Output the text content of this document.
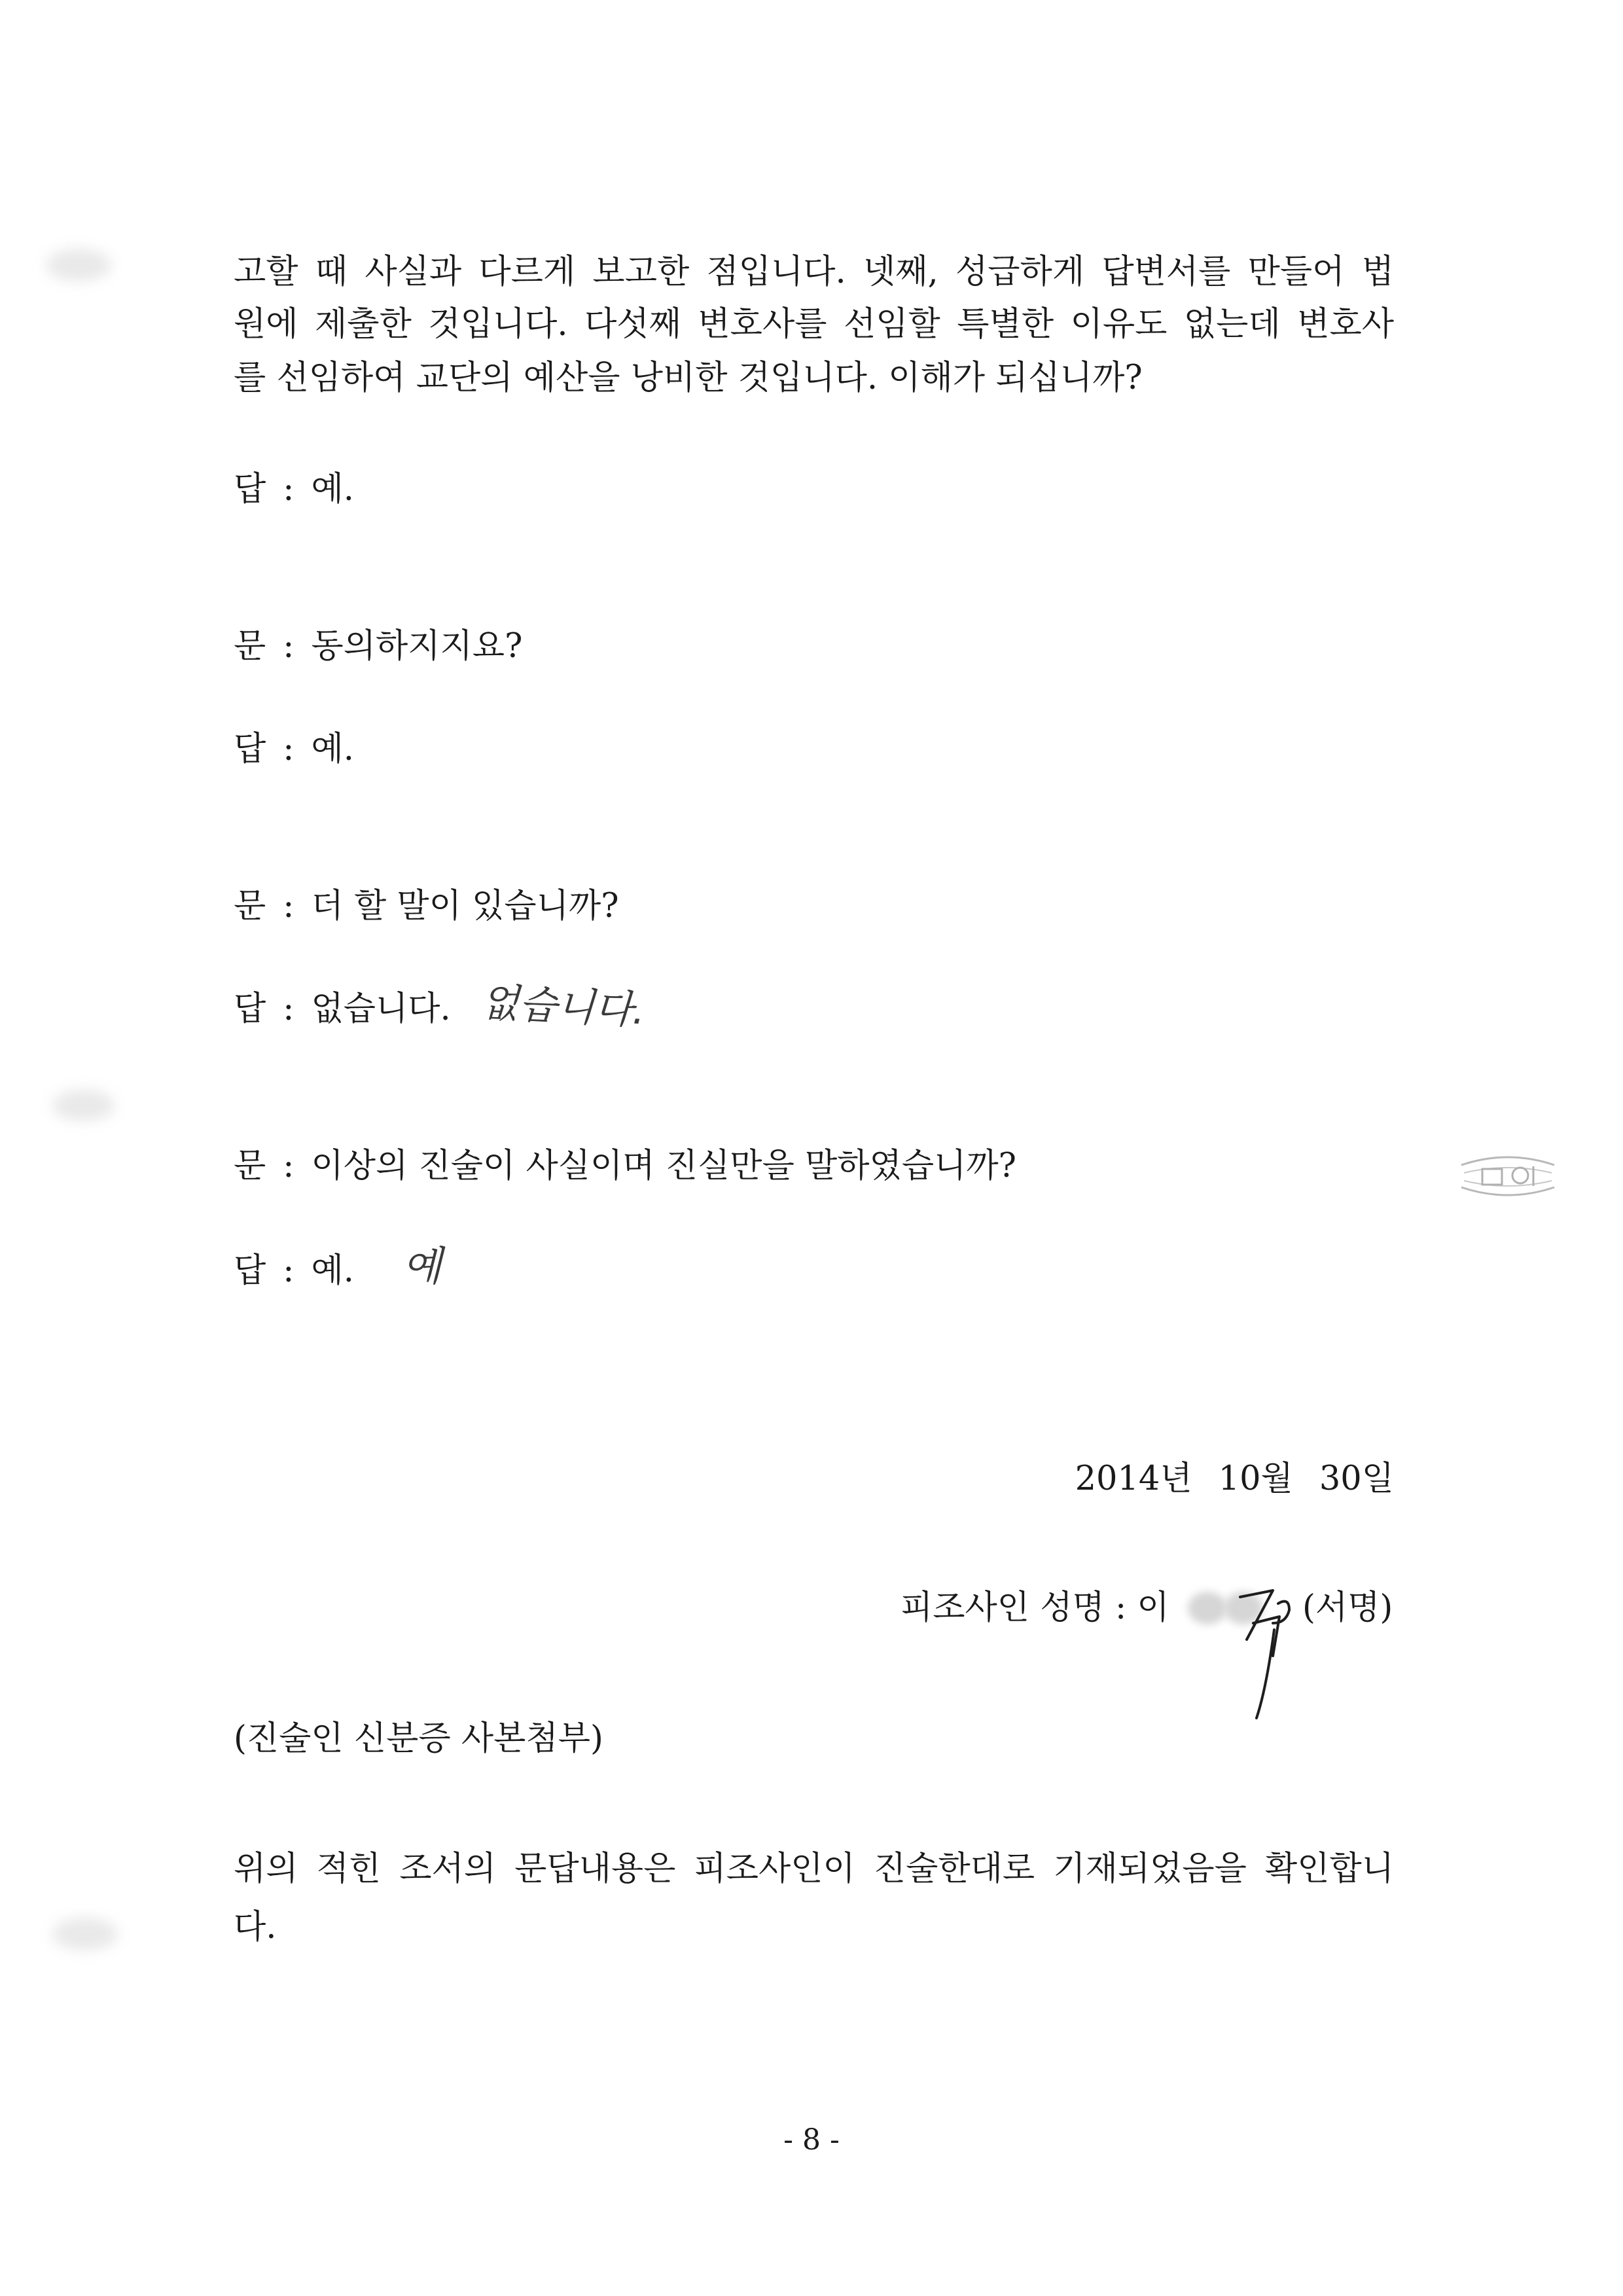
고할 때 사실과 다르게 보고한 점입니다. 넷째, 성급하게 답변서를 만들어 법
원에 제출한 것입니다. 다섯째 변호사를 선임할 특별한 이유도 없는데 변호사
를 선임하여 교단의 예산을 낭비한 것입니다. 이해가 되십니까?
답 : 예.
문 : 동의하지지요?
답 : 예.
문 : 더 할 말이 있습니까?
답 : 없습니다. 없습니다.
문 : 이상의 진술이 사실이며 진실만을 말하였습니까?
답 : 예. 예
2014년 10월 30일
피조사인 성명 : 이	(서명)
(진술인 신분증 사본첨부)
위의 적힌 조서의 문답내용은 피조사인이 진술한대로 기재되었음을 확인합니
다.
- 8 -
